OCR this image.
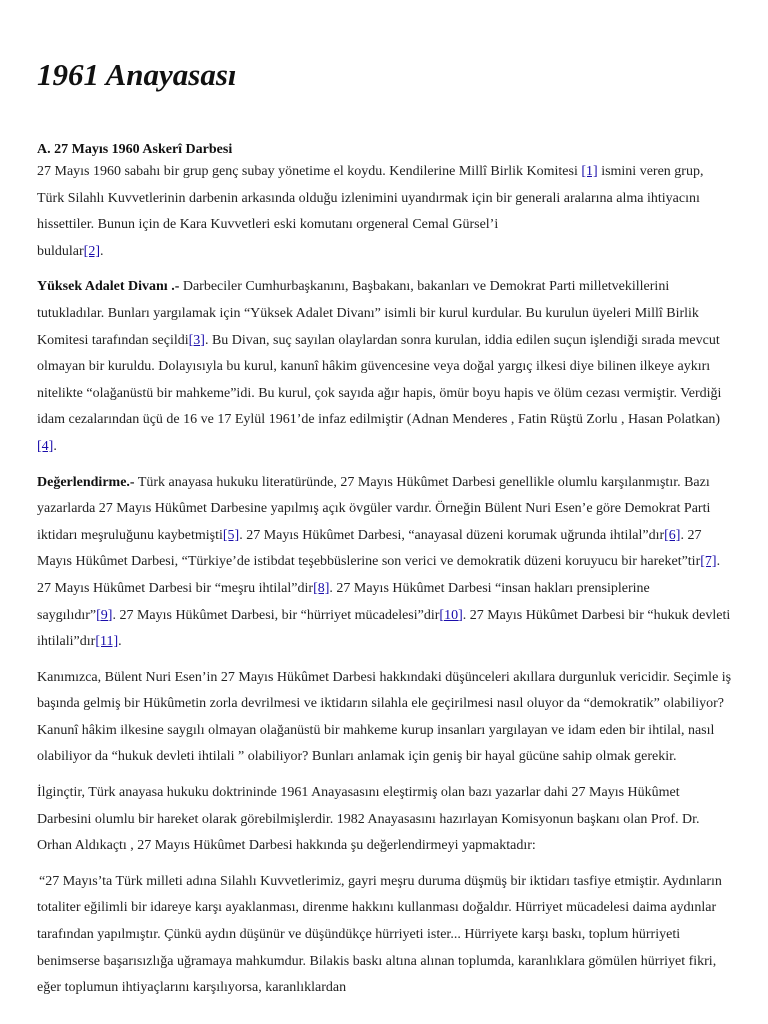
1961 Anayasası
A. 27 Mayıs 1960 Askerî Darbesi

27 Mayıs 1960 sabahı bir grup genç subay yönetime el koydu. Kendilerine Millî Birlik Komitesi [1] ismini veren grup, Türk Silahlı Kuvvetlerinin darbenin arkasında olduğu izlenimini uyandırmak için bir generali aralarına alma ihtiyacını hissettiler. Bunun için de Kara Kuvvetleri eski komutanı orgeneral Cemal Gürsel’i
buldular[2].

Yüksek Adalet Divanı .- Darbeciler Cumhurbaşkanını, Başbakanı, bakanları ve Demokrat Parti milletvekillerini tutukladılar. Bunları yargılamak için “Yüksek Adalet Divanı” isimli bir kurul kurdular. Bu kurulun üyeleri Millî Birlik Komitesi tarafından seçildi[3]. Bu Divan, suç sayılan olaylardan sonra kurulan, iddia edilen suçun işlendiği sırada mevcut olmayan bir kuruldu. Dolayısıyla bu kurul, kanunî hâkim güvencesine veya doğal yargıç ilkesi diye bilinen ilkeye aykırı nitelikte “olağanüstü bir mahkeme”idi. Bu kurul, çok sayıda ağır hapis, ömür boyu hapis ve ölüm cezası vermiştir. Verdiği idam cezalarından üçü de 16 ve 17 Eylül 1961’de infaz edilmiştir (Adnan Menderes , Fatin Rüştü Zorlu , Hasan Polatkan)[4].

Değerlendirme.- Türk anayasa hukuku literatüründe, 27 Mayıs Hükûmet Darbesi genellikle olumlu karşılanmıştır. Bazı yazarlarda 27 Mayıs Hükûmet Darbesine yapılmış açık övgüler vardır. Örneğin Bülent Nuri Esen’e göre Demokrat Parti iktidarı meşruluğunu kaybetmişti[5]. 27 Mayıs Hükûmet Darbesi, “anayasal düzeni korumak uğrunda ihtilal”dır[6]. 27 Mayıs Hükûmet Darbesi, “Türkiye’de istibdat teşebbüslerine son verici ve demokratik düzeni koruyucu bir hareket”tir[7]. 27 Mayıs Hükûmet Darbesi bir “meşru ihtilal”dir[8]. 27 Mayıs Hükûmet Darbesi “insan hakları prensiplerine saygılıdır”[9]. 27 Mayıs Hükûmet Darbesi, bir “hürriyet mücadelesi”dir[10]. 27 Mayıs Hükûmet Darbesi bir “hukuk devleti ihtilali”dır[11].

Kanımızca, Bülent Nuri Esen’in 27 Mayıs Hükûmet Darbesi hakkındaki düşünceleri akıllara durgunluk vericidir. Seçimle iş başında gelmiş bir Hükûmetin zorla devrilmesi ve iktidarın silahla ele geçirilmesi nasıl oluyor da “demokratik” olabiliyor? Kanunî hâkim ilkesine saygılı olmayan olağanüstü bir mahkeme kurup insanları yargılayan ve idam eden bir ihtilal, nasıl olabiliyor da “hukuk devleti ihtilali ” olabiliyor? Bunları anlamak için geniş bir hayal gücüne sahip olmak gerekir.

İlginçtir, Türk anayasa hukuku doktrininde 1961 Anayasasını eleştirmiş olan bazı yazarlar dahi 27 Mayıs Hükûmet Darbesini olumlu bir hareket olarak görebilmişlerdir. 1982 Anayasasını hazırlayan Komisyonun başkanı olan Prof. Dr. Orhan Aldıkaçtı , 27 Mayıs Hükûmet Darbesi hakkında şu değerlendirmeyi yapmaktadır:

“27 Mayıs’ta Türk milleti adına Silahlı Kuvvetlerimiz, gayri meşru duruma düşmüş bir iktidarı tasfiye etmiştir. Aydınların totaliter eğilimli bir idareye karşı ayaklanması, direnme hakkını kullanması doğaldır. Hürriyet mücadelesi daima aydınlar tarafından yapılmıştır. Çünkü aydın düşünür ve düşündükçe hürriyeti ister... Hürriyete karşı baskı, toplum hürriyeti benimserse başarısızlığa uğramaya mahkumdur. Bilakis baskı altına alınan toplumda, karanlıklara gömülen hürriyet fikri, eğer toplumun ihtiyaçlarını karşılıyorsa, karanlıklardan
